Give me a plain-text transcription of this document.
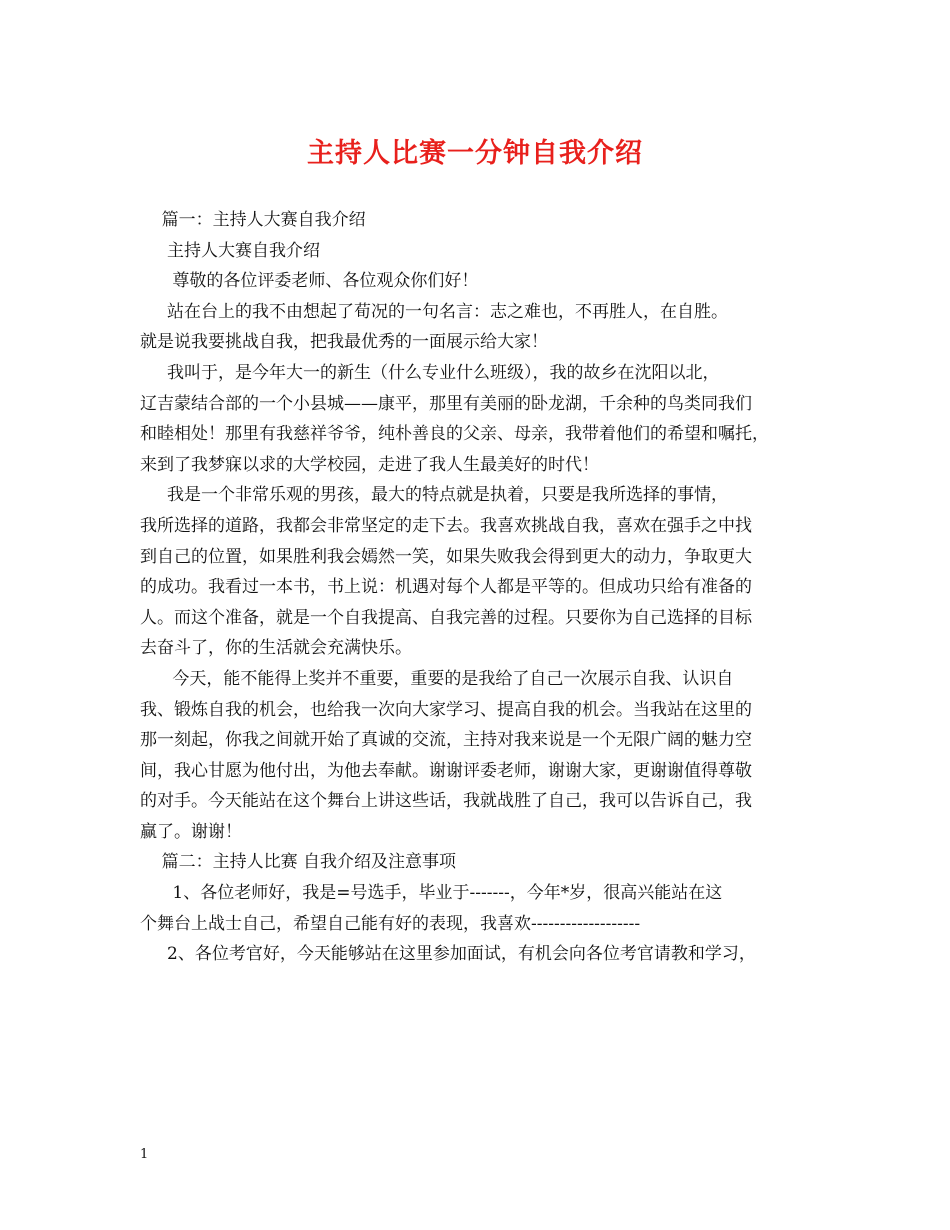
主持人比赛一分钟自我介绍

篇一：主持人大赛自我介绍

主持人大赛自我介绍

尊敬的各位评委老师、各位观众你们好！

站在台上的我不由想起了荀况的一句名言：志之难也，不再胜人，在自胜。

就是说我要挑战自我，把我最优秀的一面展示给大家！

我叫于，是今年大一的新生（什么专业什么班级），我的故乡在沈阳以北，

辽吉蒙结合部的一个小县城——康平，那里有美丽的卧龙湖，千余种的鸟类同我们

和睦相处！那里有我慈祥爷爷，纯朴善良的父亲、母亲，我带着他们的希望和嘱托，

来到了我梦寐以求的大学校园，走进了我人生最美好的时代！

我是一个非常乐观的男孩，最大的特点就是执着，只要是我所选择的事情，

我所选择的道路，我都会非常坚定的走下去。我喜欢挑战自我，喜欢在强手之中找

到自己的位置，如果胜利我会嫣然一笑，如果失败我会得到更大的动力，争取更大

的成功。我看过一本书，书上说：机遇对每个人都是平等的。但成功只给有准备的

人。而这个准备，就是一个自我提高、自我完善的过程。只要你为自己选择的目标

去奋斗了，你的生活就会充满快乐。

今天，能不能得上奖并不重要，重要的是我给了自己一次展示自我、认识自

我、锻炼自我的机会，也给我一次向大家学习、提高自我的机会。当我站在这里的

那一刻起，你我之间就开始了真诚的交流，主持对我来说是一个无限广阔的魅力空

间，我心甘愿为他付出，为他去奉献。谢谢评委老师，谢谢大家，更谢谢值得尊敬

的对手。今天能站在这个舞台上讲这些话，我就战胜了自己，我可以告诉自己，我

赢了。谢谢！

篇二：主持人比赛 自我介绍及注意事项

1、各位老师好，我是=号选手，毕业于-------，今年*岁，很高兴能站在这

个舞台上战士自己，希望自己能有好的表现，我喜欢-------------------

2、各位考官好，今天能够站在这里参加面试，有机会向各位考官请教和学习，

1
